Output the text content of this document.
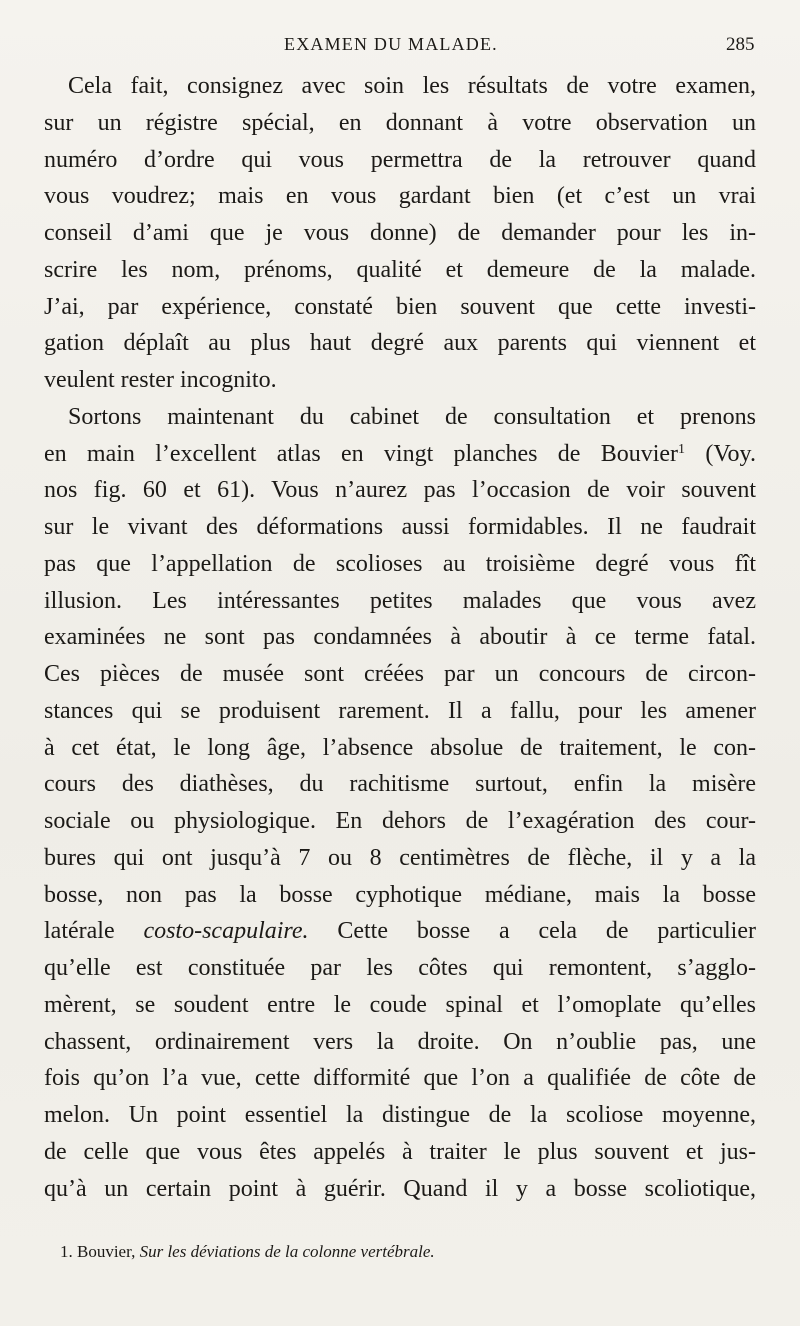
EXAMEN DU MALADE.	285
Cela fait, consignez avec soin les résultats de votre examen,
sur un régistre spécial, en donnant à votre observation un
numéro d’ordre qui vous permettra de la retrouver quand
vous voudrez; mais en vous gardant bien (et c’est un vrai
conseil d’ami que je vous donne) de demander pour les in-
scrire les nom, prénoms, qualité et demeure de la malade.
J’ai, par expérience, constaté bien souvent que cette investi-
gation déplaît au plus haut degré aux parents qui viennent et
veulent rester incognito.
Sortons maintenant du cabinet de consultation et prenons
en main l’excellent atlas en vingt planches de Bouvier$^1$ (Voy.
nos fig. 60 et 61). Vous n’aurez pas l’occasion de voir souvent
sur le vivant des déformations aussi formidables. Il ne faudrait
pas que l’appellation de scolioses au troisième degré vous fît
illusion. Les intéressantes petites malades que vous avez
examinées ne sont pas condamnées à aboutir à ce terme fatal.
Ces pièces de musée sont créées par un concours de circon-
stances qui se produisent rarement. Il a fallu, pour les amener
à cet état, le long âge, l’absence absolue de traitement, le con-
cours des diathèses, du rachitisme surtout, enfin la misère
sociale ou physiologique. En dehors de l’exagération des cour-
bures qui ont jusqu’à 7 ou 8 centimètres de flèche, il y a la
bosse, non pas la bosse cyphotique médiane, mais la bosse
latérale costo-scapulaire. Cette bosse a cela de particulier
qu’elle est constituée par les côtes qui remontent, s’agglo-
mèrent, se soudent entre le coude spinal et l’omoplate qu’elles
chassent, ordinairement vers la droite. On n’oublie pas, une
fois qu’on l’a vue, cette difformité que l’on a qualifiée de côte de
melon. Un point essentiel la distingue de la scoliose moyenne,
de celle que vous êtes appelés à traiter le plus souvent et jus-
qu’à un certain point à guérir. Quand il y a bosse scoliotique,
1. Bouvier, Sur les déviations de la colonne vertébrale.
